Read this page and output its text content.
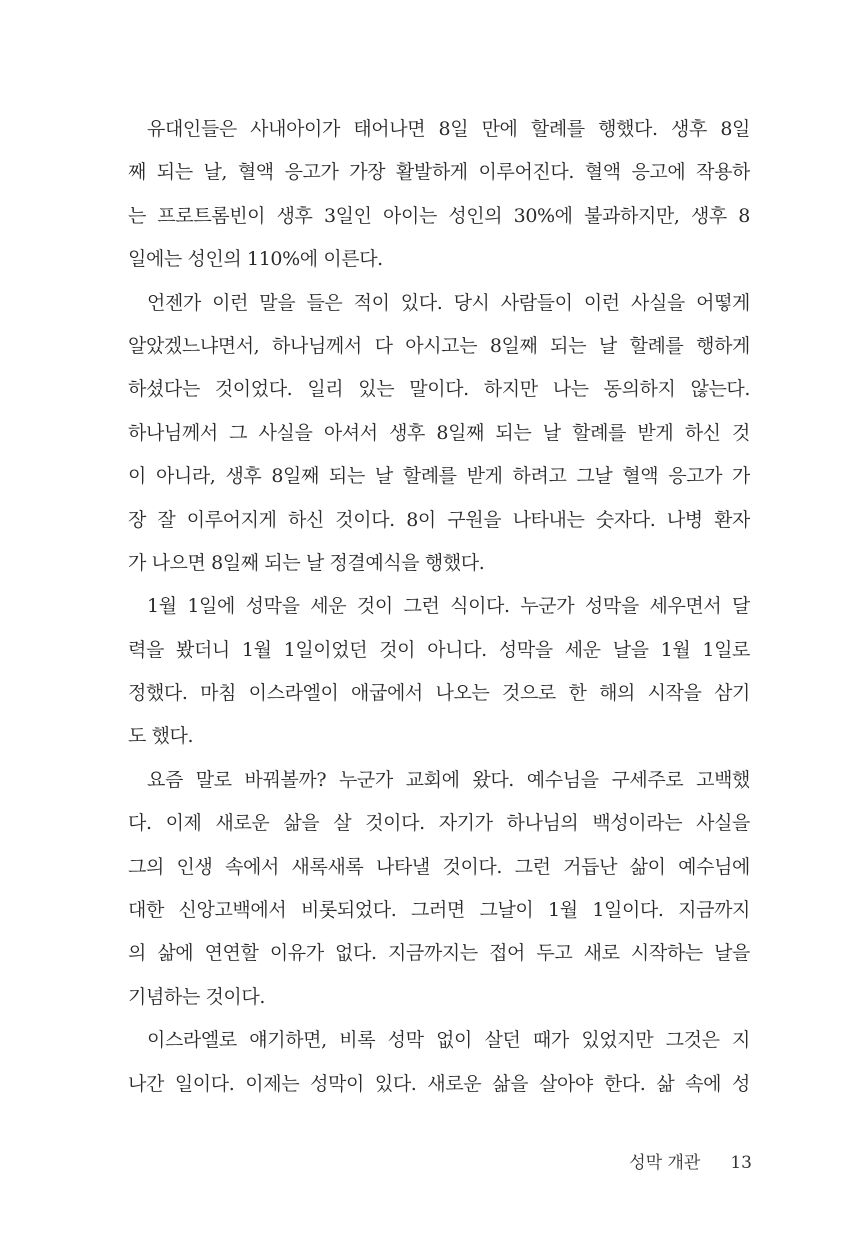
유대인들은 사내아이가 태어나면 8일 만에 할례를 행했다. 생후 8일
째 되는 날, 혈액 응고가 가장 활발하게 이루어진다. 혈액 응고에 작용하
는 프로트롬빈이 생후 3일인 아이는 성인의 30%에 불과하지만, 생후 8
일에는 성인의 110%에 이른다.
언젠가 이런 말을 들은 적이 있다. 당시 사람들이 이런 사실을 어떻게
알았겠느냐면서, 하나님께서 다 아시고는 8일째 되는 날 할례를 행하게
하셨다는 것이었다. 일리 있는 말이다. 하지만 나는 동의하지 않는다.
하나님께서 그 사실을 아셔서 생후 8일째 되는 날 할례를 받게 하신 것
이 아니라, 생후 8일째 되는 날 할례를 받게 하려고 그날 혈액 응고가 가
장 잘 이루어지게 하신 것이다. 8이 구원을 나타내는 숫자다. 나병 환자
가 나으면 8일째 되는 날 정결예식을 행했다.
1월 1일에 성막을 세운 것이 그런 식이다. 누군가 성막을 세우면서 달
력을 봤더니 1월 1일이었던 것이 아니다. 성막을 세운 날을 1월 1일로
정했다. 마침 이스라엘이 애굽에서 나오는 것으로 한 해의 시작을 삼기
도 했다.
요즘 말로 바꿔볼까? 누군가 교회에 왔다. 예수님을 구세주로 고백했
다. 이제 새로운 삶을 살 것이다. 자기가 하나님의 백성이라는 사실을
그의 인생 속에서 새록새록 나타낼 것이다. 그런 거듭난 삶이 예수님에
대한 신앙고백에서 비롯되었다. 그러면 그날이 1월 1일이다. 지금까지
의 삶에 연연할 이유가 없다. 지금까지는 접어 두고 새로 시작하는 날을
기념하는 것이다.
이스라엘로 얘기하면, 비록 성막 없이 살던 때가 있었지만 그것은 지
나간 일이다. 이제는 성막이 있다. 새로운 삶을 살아야 한다. 삶 속에 성
성막 개관 13
